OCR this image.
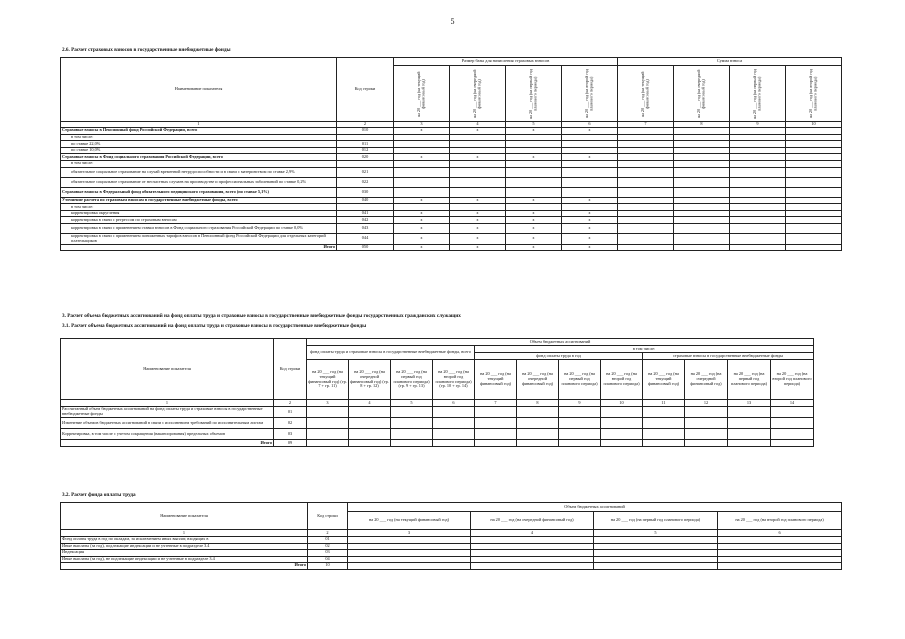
5
2.6. Расчет страховых взносов в государственные внебюджетные фонды
Наименование показателя	Код строки	Размер базы для начисления страховых взносов				Сумма взноса			

		на 20 ___ год (на текущий финансовый год)	на 20 ___ год (на очередной финансовый год)	на 20 ___ год (на первый год планового периода)	на 20 ___ год (на второй год планового периода)	на 20 ___ год (на текущий финансовый год)	на 20 ___ год (на очередной финансовый год)	на 20 ___ год (на первый год планового периода)	на 20 ___ год (на второй год планового периода)

1	2	3	4	5	6	7	8	9	10
Страховые взносы в Пенсионный фонд Российской Федерации, всего	010	х	х	х	х				
в том числе:									
по ставке 22,0%	011								
по ставке 10,0%	012								
Страховые взносы в Фонд социального страхования Российской Федерации, всего	020	х	х	х	х				
в том числе:									
обязательное социальное страхование на случай временной нетрудоспособности и в связи с материнством по ставке 2,9%	021								
обязательное социальное страхование от несчастных случаев на производстве и профессиональных заболеваний по ставке 0,2%	022								
Страховые взносы в Федеральный фонд обязательного медицинского страхования, всего (по ставке 5,1%)	030								
Уточнение расчета по страховым взносам в государственные внебюджетные фонды, всего	040	х	х	х	х				
в том числе:									
корректировка округления	041	х	х	х	х				
корректировка в связи с регрессом по страховым взносам	042	х	х	х	х				
корректировка в связи с применением ставки взносов в Фонд социального страхования Российской Федерации по ставке 0,0%	043	х	х	х	х				
корректировка в связи с применением пониженных тарифов взносов в Пенсионный фонд Российской Федерации для отдельных категорий плательщиков	044	х	х	х	х				
Итого	050	х	х	х	х				
3. Расчет объема бюджетных ассигнований на фонд оплаты труда и страховые взносы в государственные внебюджетные фонды государственных гражданских служащих
3.1. Расчет объема бюджетных ассигнований на фонд оплаты труда и страховые взносы в государственные внебюджетные фонды
Наименование показателя	Код строки	Объем бюджетных ассигнований											
		фонд оплаты труда и страховые взносы в государственные внебюджетные фонды, всего				в том числе:							
						фонд оплаты труда в год				страховые взносы в государственные внебюджетные фонды			
		на 20 ___ год (на текущий финансовый год) (гр. 7 + гр. 11)	на 20 ___ год (на очередной финансовый год) (гр. 8 + гр. 12)	на 20 ___ год (на первый год планового периода) (гр. 9 + гр. 13)	на 20 ___ год (на второй год планового периода) (гр. 10 + гр. 14)	на 20 ___ год (на текущий финансовый год)	на 20 ___ год (на очередной финансовый год)	на 20 ___ год (на первый год планового периода)	на 20 ___ год (на второй год планового периода)	на 20 ___ год (на текущий финансовый год)	на 20 ___ год (на очередной финансовый год)	на 20 ___ год (на первый год планового периода)	на 20 ___ год (на второй год планового периода)
1	2	3	4	5	6	7	8	9	10	11	12	13	14
Рассчитанный объем бюджетных ассигнований на фонд оплаты труда и страховые взносы в государственные внебюджетные фонды	01												
Изменение объемов бюджетных ассигнований в связи с исполнением требований по исполнительным листам	02												
Корректировка, в том числе с учетом сокращения (вакансирования) предельных объемов	03												
Итого	09												
3.2. Расчет фонда оплаты труда
Наименование показателя	Код строки	Объем бюджетных ассигнований			
		на 20 ___ год (на текущий финансовый год)	на 20 ___ год (на очередной финансовый год)	на 20 ___ год (на первый год планового периода)	на 20 ___ год (на второй год планового периода)
1	2	3	4	5	6
Фонд оплаты труда в год по окладам, за исключением иных выплат, входящих в	01				
Иные выплаты (за год), подлежащие индексации и не учтенные в подразделе 3.4	02				
Индексация	03				
Иные выплаты (за год), не подлежащие индексации и не учтенные в подразделе 3.4	04				
Итого	10				
